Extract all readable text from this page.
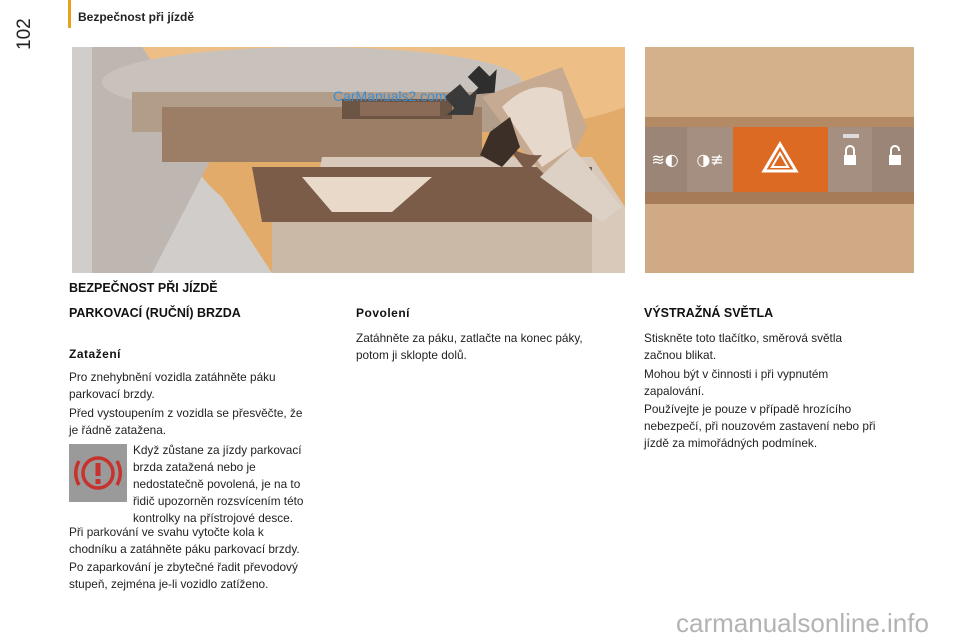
Bezpečnost při jízdě
102
CarManuals2.com
≋◐ ◑≢
BEZPEČNOST PŘI JÍZDĚ
PARKOVACÍ (RUČNÍ) BRZDA
Zatažení
Pro znehybnění vozidla zatáhněte páku
parkovací brzdy.
Před vystoupením z vozidla se přesvěčte, že
je řádně zatažena.
Když zůstane za jízdy parkovací
brzda zatažená nebo je
nedostatečně povolená, je na to
řidič upozorněn rozsvícením této
kontrolky na přístrojové desce.
Při parkování ve svahu vytočte kola k
chodníku a zatáhněte páku parkovací brzdy.
Po zaparkování je zbytečné řadit převodový
stupeň, zejména je-li vozidlo zatíženo.
Povolení
Zatáhněte za páku, zatlačte na konec páky,
potom ji sklopte dolů.
VÝSTRAŽNÁ SVĚTLA
Stiskněte toto tlačítko, směrová světla
začnou blikat.
Mohou být v činnosti i při vypnutém
zapalování.
Používejte je pouze v případě hrozícího
nebezpečí, při nouzovém zastavení nebo při
jízdě za mimořádných podmínek.
carmanualsonline.info
